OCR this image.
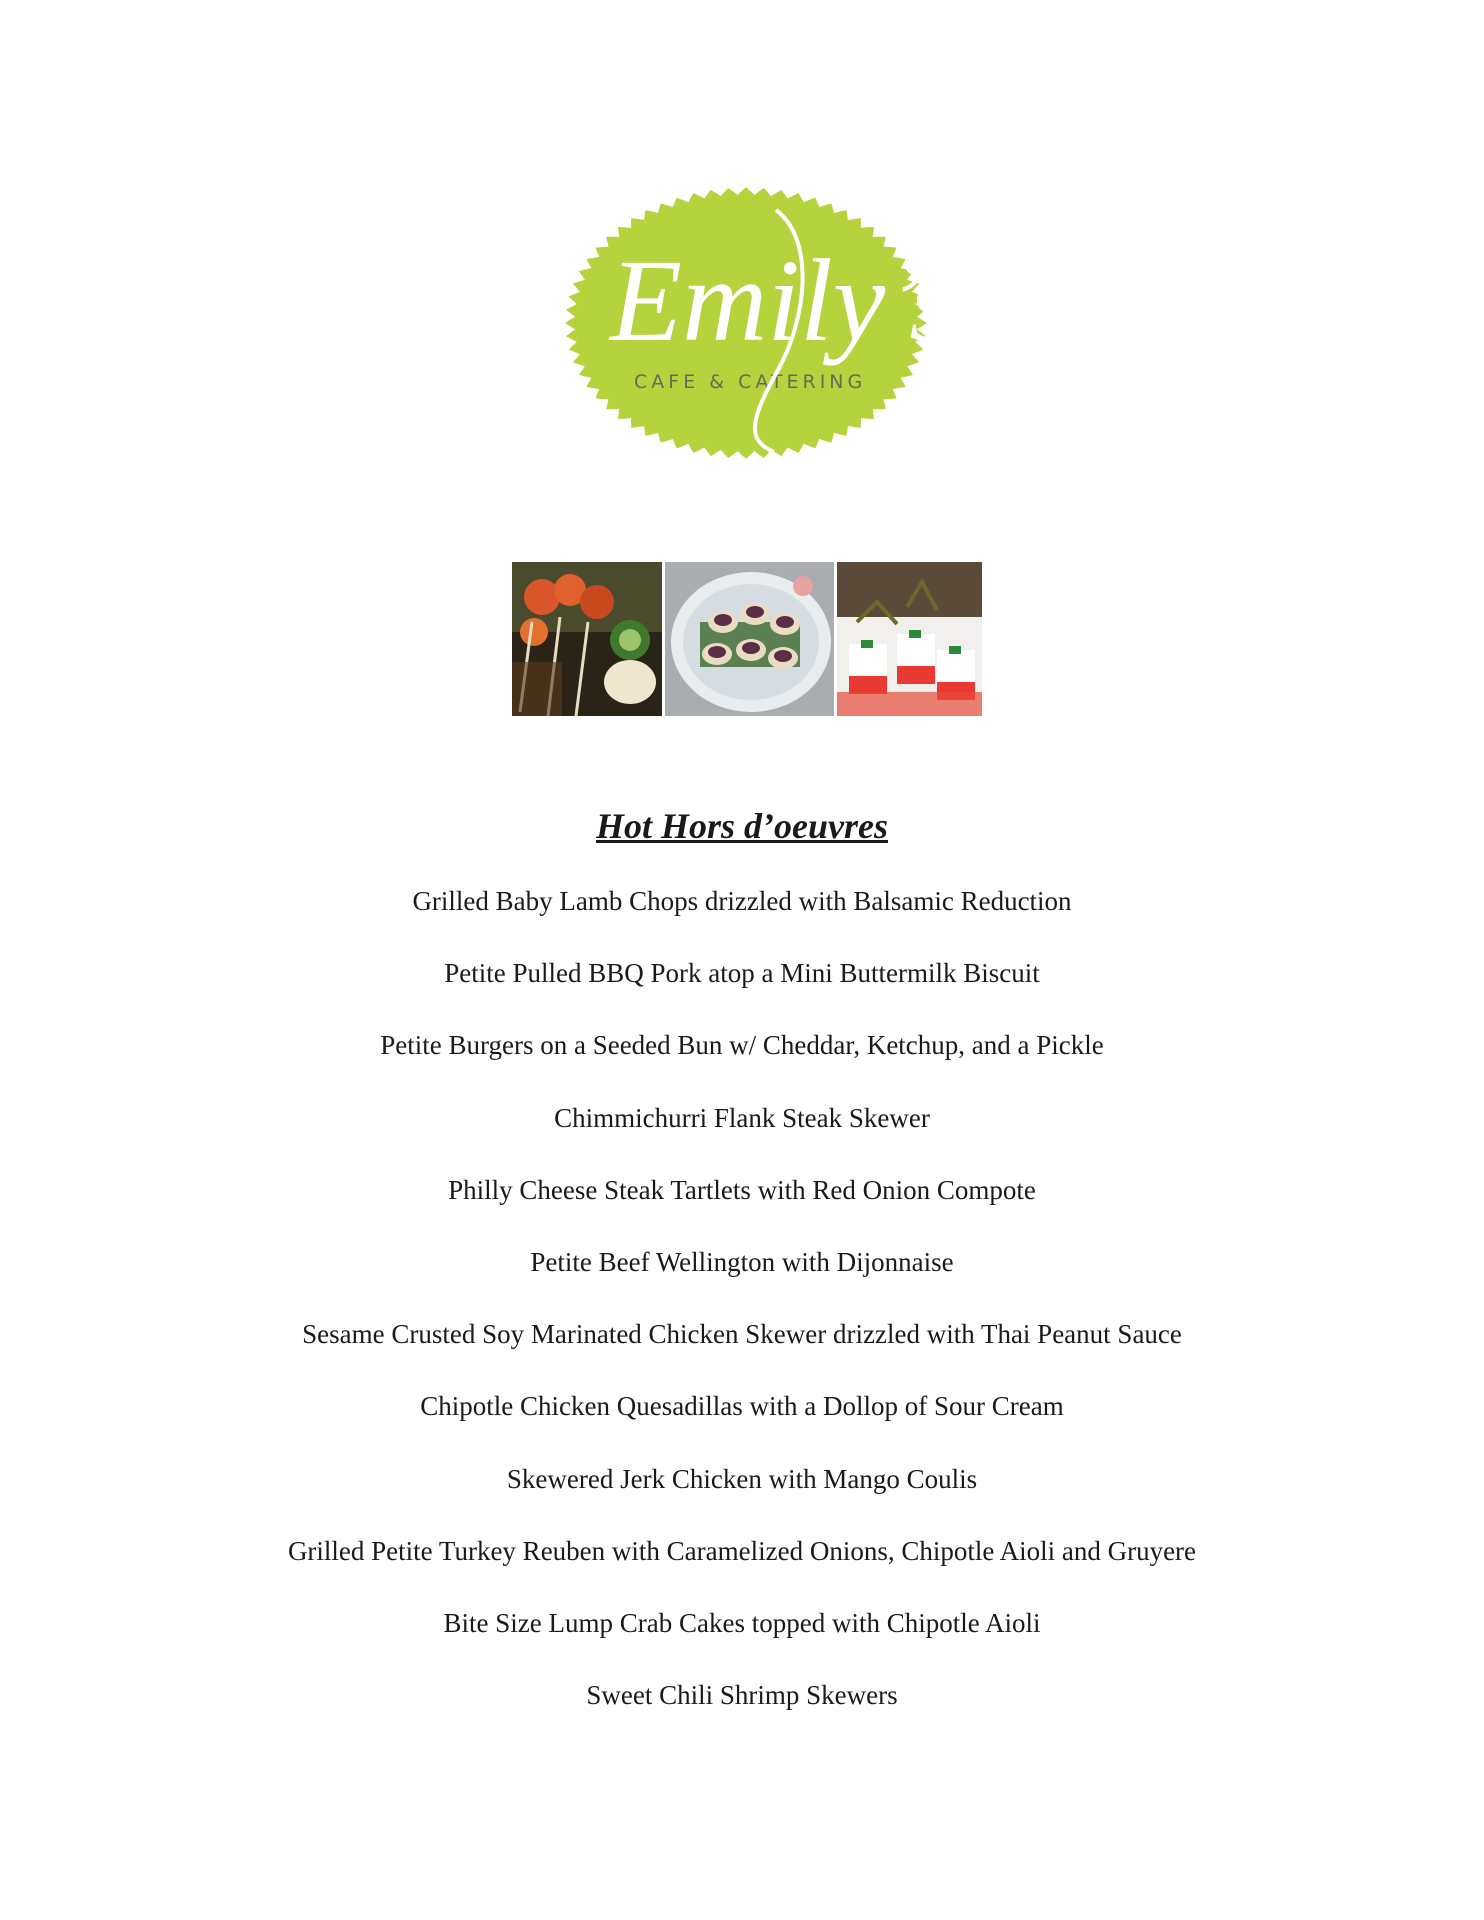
Emily’s
CAFE & CATERING
Hot Hors d’oeuvres
Grilled Baby Lamb Chops drizzled with Balsamic Reduction
Petite Pulled BBQ Pork atop a Mini Buttermilk Biscuit
Petite Burgers on a Seeded Bun w/ Cheddar, Ketchup, and a Pickle
Chimmichurri Flank Steak Skewer
Philly Cheese Steak Tartlets with Red Onion Compote
Petite Beef Wellington with Dijonnaise
Sesame Crusted Soy Marinated Chicken Skewer drizzled with Thai Peanut Sauce
Chipotle Chicken Quesadillas with a Dollop of Sour Cream
Skewered Jerk Chicken with Mango Coulis
Grilled Petite Turkey Reuben with Caramelized Onions, Chipotle Aioli and Gruyere
Bite Size Lump Crab Cakes topped with Chipotle Aioli
Sweet Chili Shrimp Skewers
